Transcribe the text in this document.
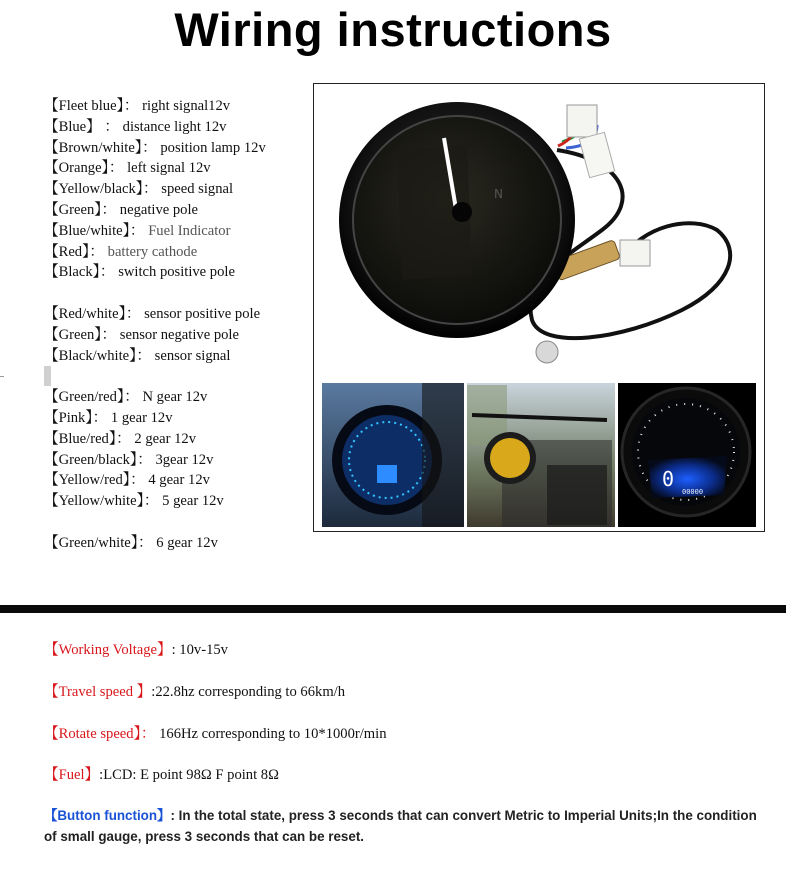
Wiring instructions
【Fleet blue】： right signal12v
【Blue】 ： distance light 12v
【Brown/white】： position lamp 12v
【Orange】： left signal 12v
【Yellow/black】： speed signal
【Green】： negative pole
【Blue/white】： Fuel Indicator
【Red】： battery cathode
【Black】： switch positive pole
【Red/white】： sensor positive pole
【Green】： sensor negative pole
【Black/white】： sensor signal
【Green/red】： N gear 12v
【Pink】： 1 gear 12v
【Blue/red】： 2 gear 12v
【Green/black】： 3gear 12v
【Yellow/red】： 4 gear 12v
【Yellow/white】： 5 gear 12v
【Green/white】： 6 gear 12v
N
0
00000
【Working Voltage】: 10v-15v
【Travel speed 】:22.8hz corresponding to 66km/h
【Rotate speed】： 166Hz corresponding to 10*1000r/min
【Fuel】:LCD: E point 98Ω F point 8Ω
【Button function】: In the total state, press 3 seconds that can convert Metric to Imperial Units;In the condition of small gauge, press 3 seconds that can be reset.
